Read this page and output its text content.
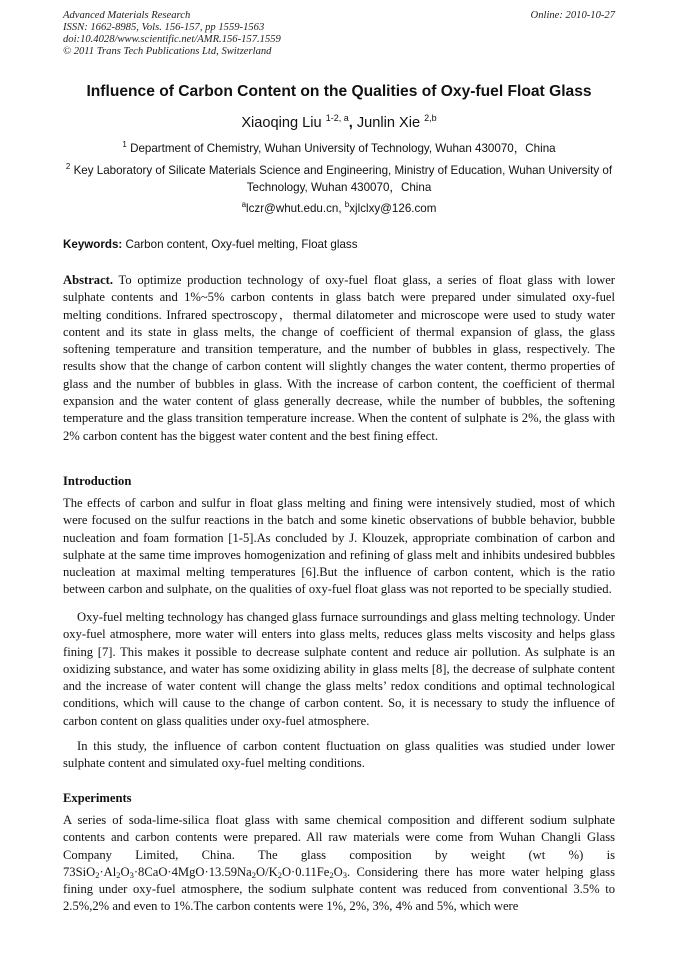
Advanced Materials Research
ISSN: 1662-8985, Vols. 156-157, pp 1559-1563
doi:10.4028/www.scientific.net/AMR.156-157.1559
© 2011 Trans Tech Publications Ltd, Switzerland
Online: 2010-10-27
Influence of Carbon Content on the Qualities of Oxy-fuel Float Glass
Xiaoqing Liu $^{1-2, a}$, Junlin Xie $^{2,b}$
$^1$ Department of Chemistry, Wuhan University of Technology, Wuhan 430070，China
$^2$ Key Laboratory of Silicate Materials Science and Engineering, Ministry of Education, Wuhan University of Technology, Wuhan 430070，China
$^a$lczr@whut.edu.cn, $^b$xjlclxy@126.com
Keywords: Carbon content, Oxy-fuel melting, Float glass

Abstract. To optimize production technology of oxy-fuel float glass, a series of float glass with lower sulphate contents and 1%~5% carbon contents in glass batch were prepared under simulated oxy-fuel melting conditions. Infrared spectroscopy，thermal dilatometer and microscope were used to study water content and its state in glass melts, the change of coefficient of thermal expansion of glass, the glass softening temperature and transition temperature, and the number of bubbles in glass, respectively. The results show that the change of carbon content will slightly changes the water content, thermo properties of glass and the number of bubbles in glass. With the increase of carbon content, the coefficient of thermal expansion and the water content of glass generally decrease, while the number of bubbles, the softening temperature and the glass transition temperature increase. When the content of sulphate is 2%, the glass with 2% carbon content has the biggest water content and the best fining effect.

Introduction

The effects of carbon and sulfur in float glass melting and fining were intensively studied, most of which were focused on the sulfur reactions in the batch and some kinetic observations of bubble behavior, bubble nucleation and foam formation [1-5].As concluded by J. Klouzek, appropriate combination of carbon and sulphate at the same time improves homogenization and refining of glass melt and inhibits undesired bubbles nucleation at maximal melting temperatures [6].But the influence of carbon content, which is the ratio between carbon and sulphate, on the qualities of oxy-fuel float glass was not reported to be specially studied.

Oxy-fuel melting technology has changed glass furnace surroundings and glass melting technology. Under oxy-fuel atmosphere, more water will enters into glass melts, reduces glass melts viscosity and helps glass fining [7]. This makes it possible to decrease sulphate content and reduce air pollution. As sulphate is an oxidizing substance, and water has some oxidizing ability in glass melts [8], the decrease of sulphate content and the increase of water content will change the glass melts’ redox conditions and optimal technological conditions, which will cause to the change of carbon content. So, it is necessary to study the influence of carbon content on glass qualities under oxy-fuel atmosphere.

In this study, the influence of carbon content fluctuation on glass qualities was studied under lower sulphate content and simulated oxy-fuel melting conditions.

Experiments

A series of soda-lime-silica float glass with same chemical composition and different sodium sulphate contents and carbon contents were prepared. All raw materials were come from Wuhan Changli Glass Company Limited, China. The glass composition by weight (wt %) is $73SiO_2\cdot Al_2O_3\cdot 8CaO\cdot 4MgO\cdot 13.59Na_2O/K_2O\cdot 0.11Fe_2O_3$. Considering there has more water helping glass fining under oxy-fuel atmosphere, the sodium sulphate content was reduced from conventional 3.5% to 2.5%,2% and even to 1%.The carbon contents were 1%, 2%, 3%, 4% and 5%, which were
